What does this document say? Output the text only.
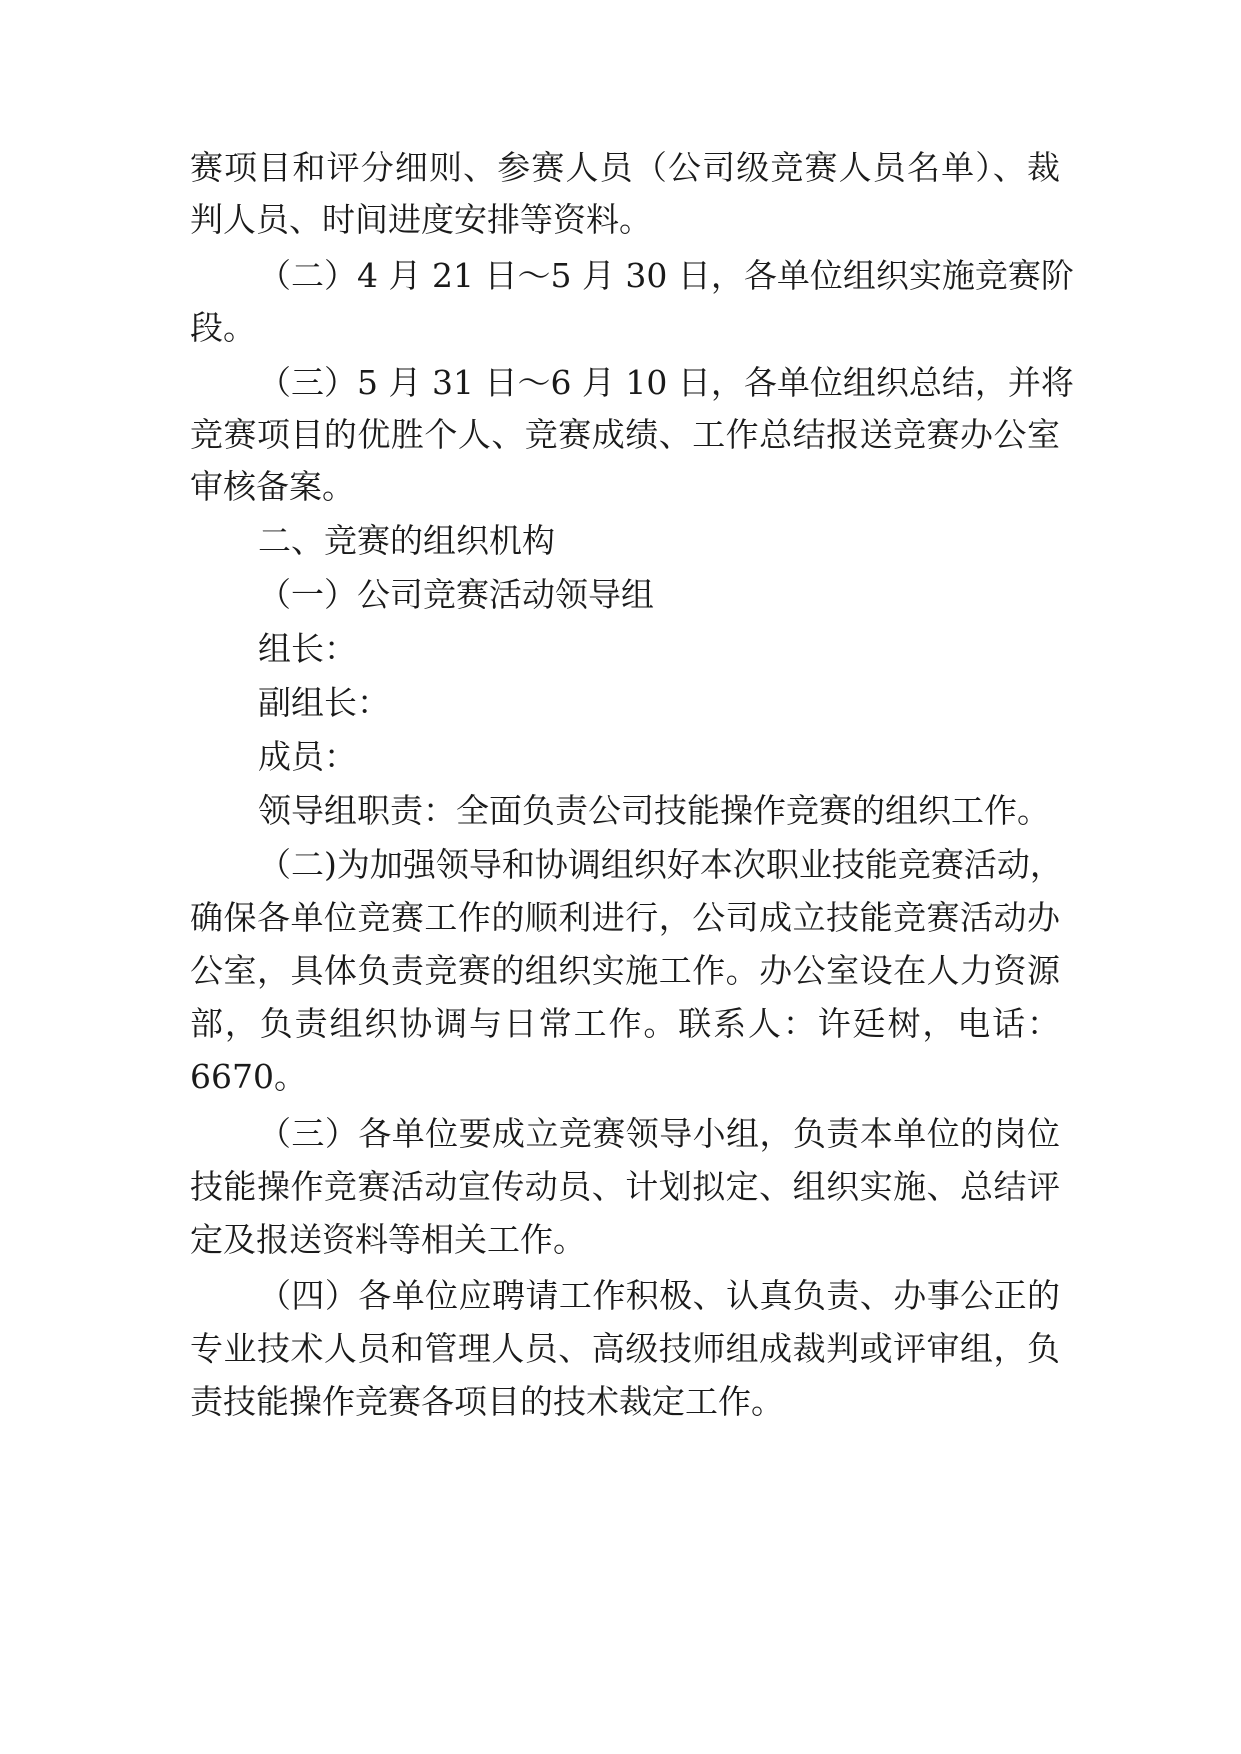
赛项目和评分细则、参赛人员（公司级竞赛人员名单）、裁
判人员、时间进度安排等资料。
（二）4 月 21 日～5 月 30 日，各单位组织实施竞赛阶
段。
（三）5 月 31 日～6 月 10 日，各单位组织总结，并将
竞赛项目的优胜个人、竞赛成绩、工作总结报送竞赛办公室
审核备案。
二、竞赛的组织机构
（一）公司竞赛活动领导组
组长：
副组长：
成员：
领导组职责：全面负责公司技能操作竞赛的组织工作。
（二)为加强领导和协调组织好本次职业技能竞赛活动，
确保各单位竞赛工作的顺利进行，公司成立技能竞赛活动办
公室，具体负责竞赛的组织实施工作。办公室设在人力资源
部，负责组织协调与日常工作。联系人：许廷树，电话：
6670。
（三）各单位要成立竞赛领导小组，负责本单位的岗位
技能操作竞赛活动宣传动员、计划拟定、组织实施、总结评
定及报送资料等相关工作。
（四）各单位应聘请工作积极、认真负责、办事公正的
专业技术人员和管理人员、高级技师组成裁判或评审组，负
责技能操作竞赛各项目的技术裁定工作。
